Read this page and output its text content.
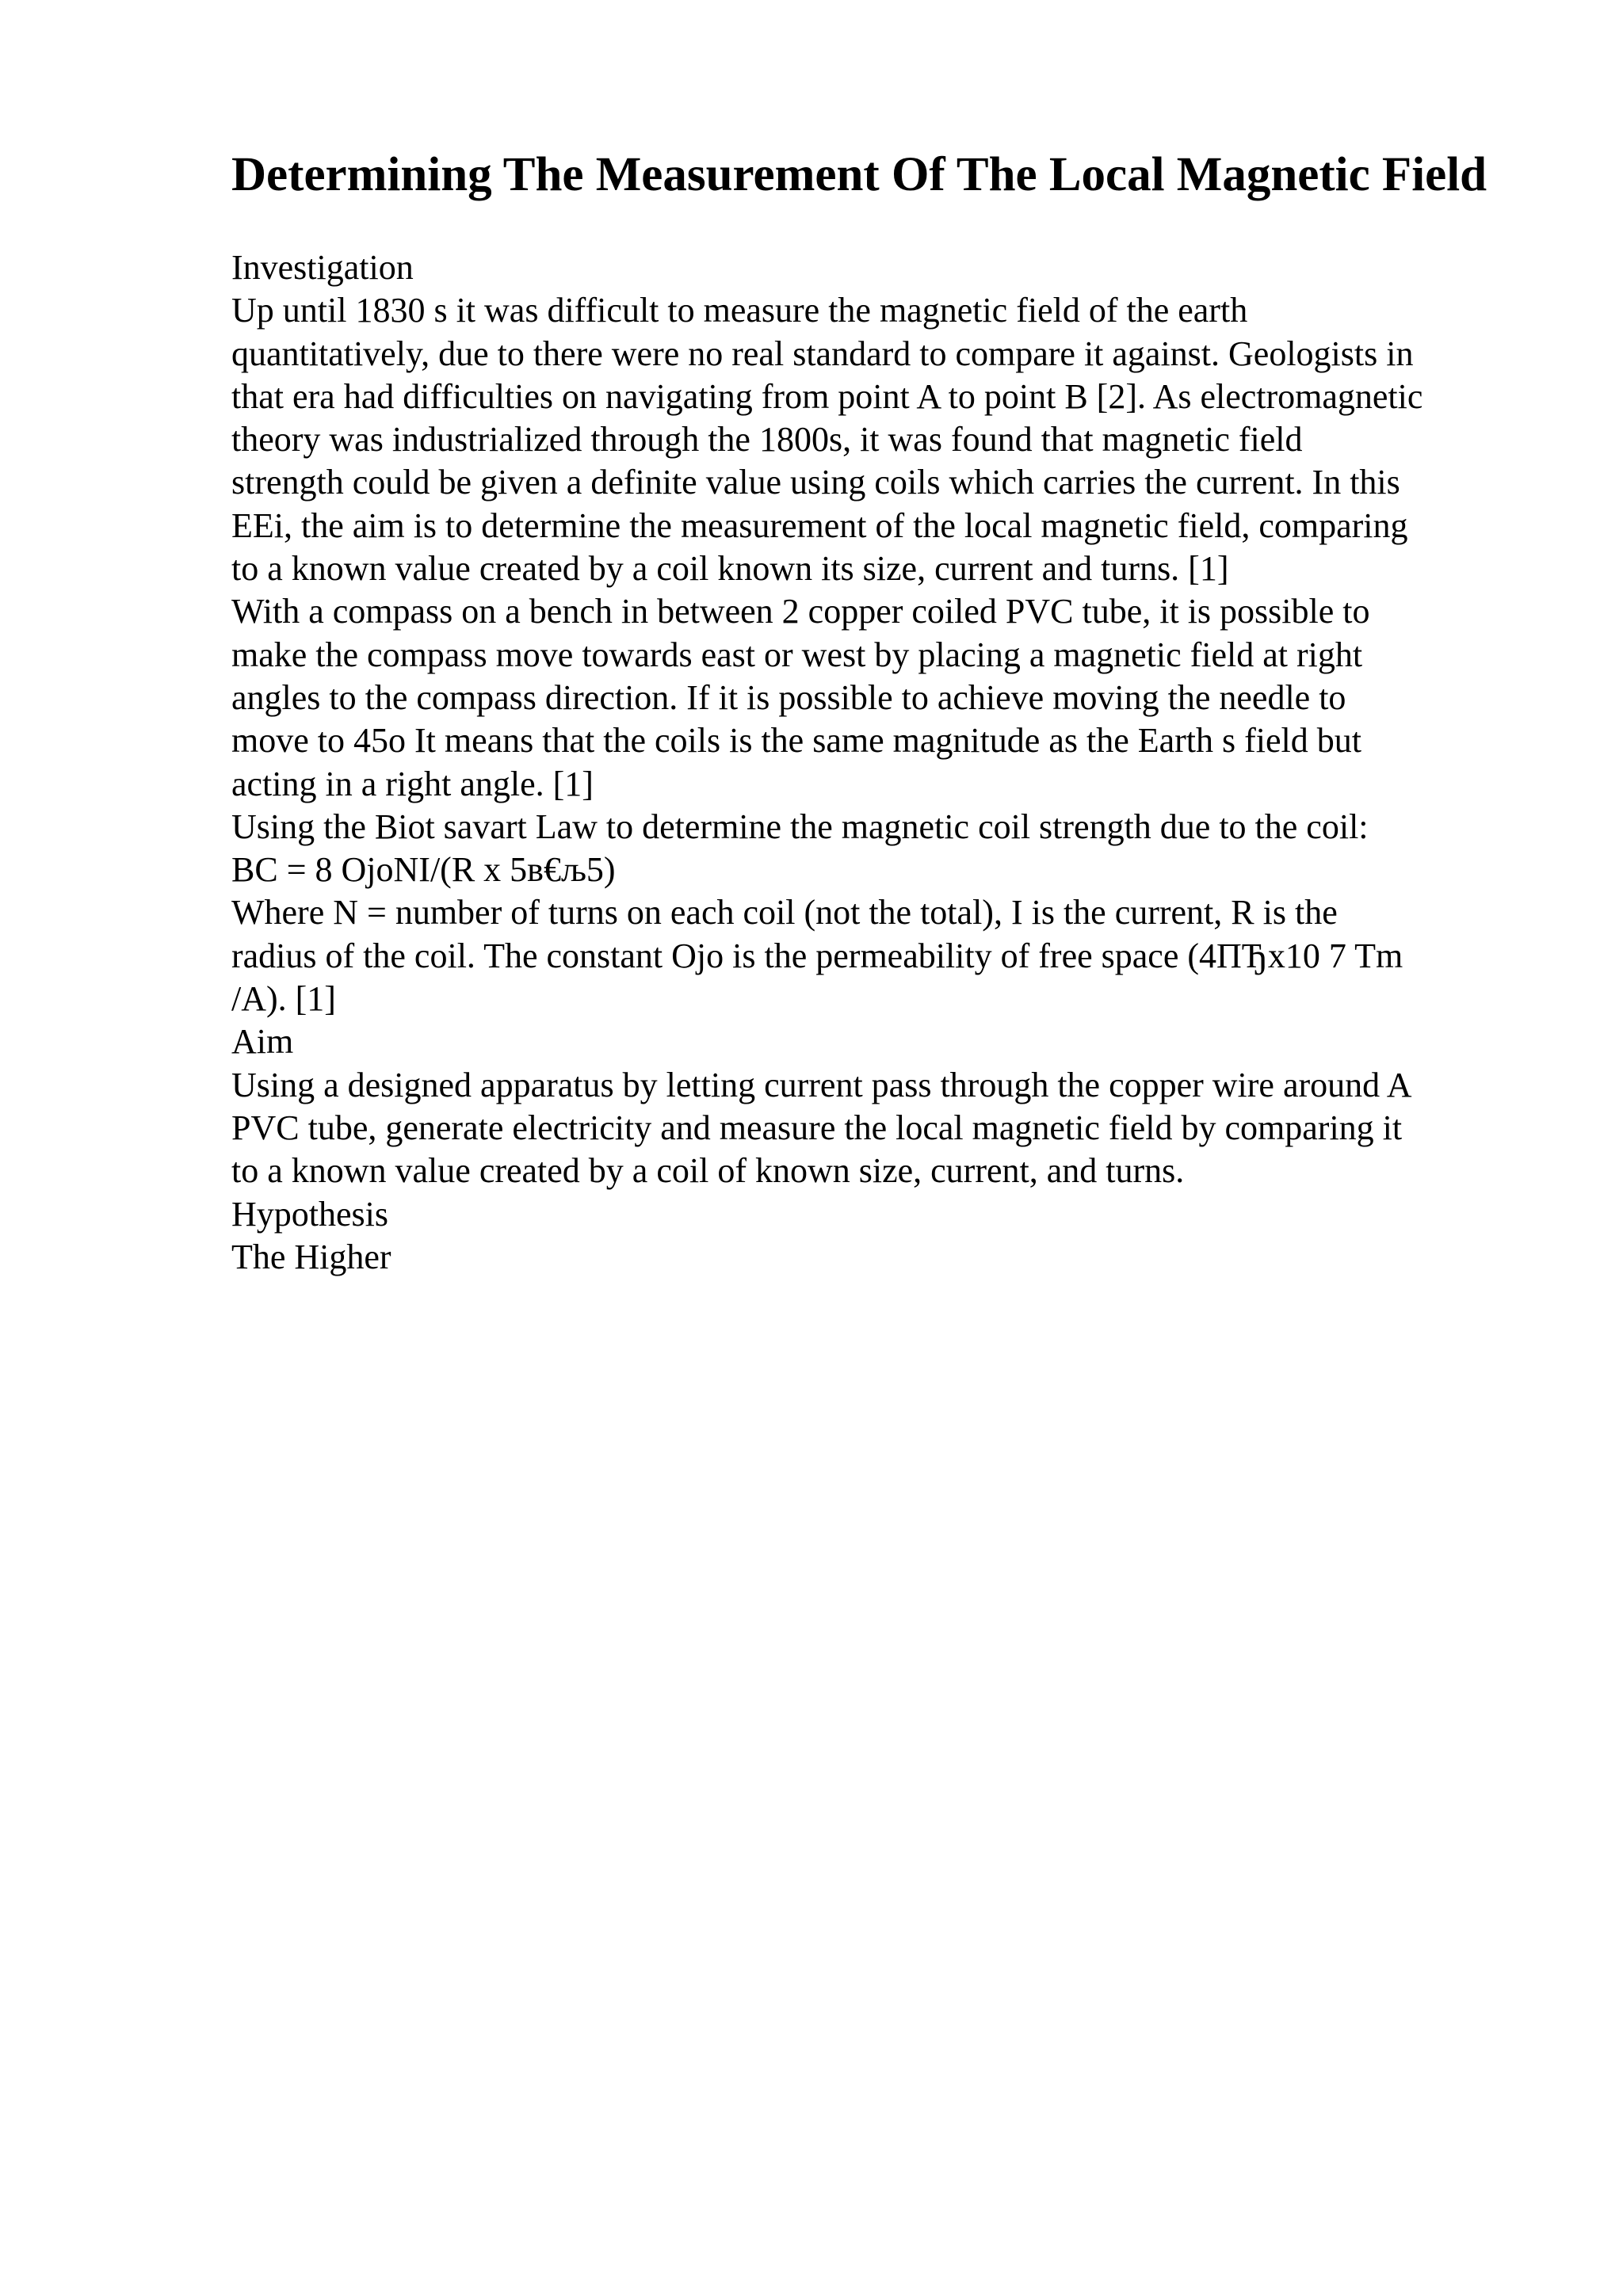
Determining The Measurement Of The Local Magnetic Field
Investigation
Up until 1830 s it was difficult to measure the magnetic field of the earth
quantitatively, due to there were no real standard to compare it against. Geologists in
that era had difficulties on navigating from point A to point B [2]. As electromagnetic
theory was industrialized through the 1800s, it was found that magnetic field
strength could be given a definite value using coils which carries the current. In this
EEi, the aim is to determine the measurement of the local magnetic field, comparing
to a known value created by a coil known its size, current and turns. [1]
With a compass on a bench in between 2 copper coiled PVC tube, it is possible to
make the compass move towards east or west by placing a magnetic field at right
angles to the compass direction. If it is possible to achieve moving the needle to
move to 45o It means that the coils is the same magnitude as the Earth s field but
acting in a right angle. [1]
Using the Biot savart Law to determine the magnetic coil strength due to the coil:
BC = 8 OjoNI/(R x 5в€љ5)
Where N = number of turns on each coil (not the total), I is the current, R is the
radius of the coil. The constant Ojo is the permeability of free space (4ПЂx10 7 Tm
/A). [1]
Aim
Using a designed apparatus by letting current pass through the copper wire around A
PVC tube, generate electricity and measure the local magnetic field by comparing it
to a known value created by a coil of known size, current, and turns.
Hypothesis
The Higher
